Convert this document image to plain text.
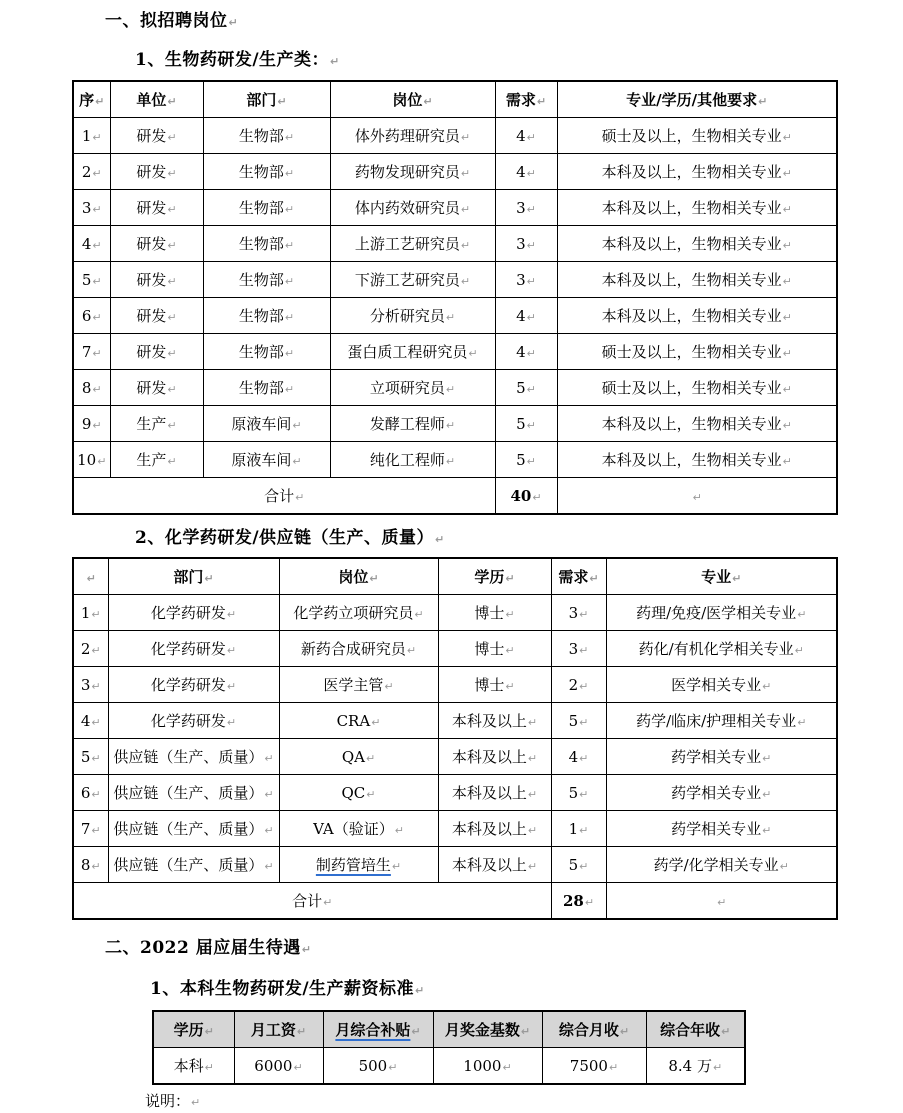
一、拟招聘岗位↵
1、生物药研发/生产类：↵
序↵	单位↵	部门↵	岗位↵	需求↵	专业/学历/其他要求↵
1↵	研发↵	生物部↵	体外药理研究员↵	4↵	硕士及以上，生物相关专业↵
2↵	研发↵	生物部↵	药物发现研究员↵	4↵	本科及以上，生物相关专业↵
3↵	研发↵	生物部↵	体内药效研究员↵	3↵	本科及以上，生物相关专业↵
4↵	研发↵	生物部↵	上游工艺研究员↵	3↵	本科及以上，生物相关专业↵
5↵	研发↵	生物部↵	下游工艺研究员↵	3↵	本科及以上，生物相关专业↵
6↵	研发↵	生物部↵	分析研究员↵	4↵	本科及以上，生物相关专业↵
7↵	研发↵	生物部↵	蛋白质工程研究员↵	4↵	硕士及以上，生物相关专业↵
8↵	研发↵	生物部↵	立项研究员↵	5↵	硕士及以上，生物相关专业↵
9↵	生产↵	原液车间↵	发酵工程师↵	5↵	本科及以上，生物相关专业↵
10↵	生产↵	原液车间↵	纯化工程师↵	5↵	本科及以上，生物相关专业↵
合计↵				40↵	↵
2、化学药研发/供应链（生产、质量）↵
↵	部门↵	岗位↵	学历↵	需求↵	专业↵
1↵	化学药研发↵	化学药立项研究员↵	博士↵	3↵	药理/免疫/医学相关专业↵
2↵	化学药研发↵	新药合成研究员↵	博士↵	3↵	药化/有机化学相关专业↵
3↵	化学药研发↵	医学主管↵	博士↵	2↵	医学相关专业↵
4↵	化学药研发↵	CRA↵	本科及以上↵	5↵	药学/临床/护理相关专业↵
5↵	供应链（生产、质量）↵	QA↵	本科及以上↵	4↵	药学相关专业↵
6↵	供应链（生产、质量）↵	QC↵	本科及以上↵	5↵	药学相关专业↵
7↵	供应链（生产、质量）↵	VA（验证）↵	本科及以上↵	1↵	药学相关专业↵
8↵	供应链（生产、质量）↵	制药管培生↵	本科及以上↵	5↵	药学/化学相关专业↵
合计↵				28↵	↵
二、2022 届应届生待遇↵
1、本科生物药研发/生产薪资标准↵
学历↵	月工资↵	月综合补贴↵	月奖金基数↵	综合月收↵	综合年收↵
本科↵	6000↵	500↵	1000↵	7500↵	8.4 万↵
说明：↵
